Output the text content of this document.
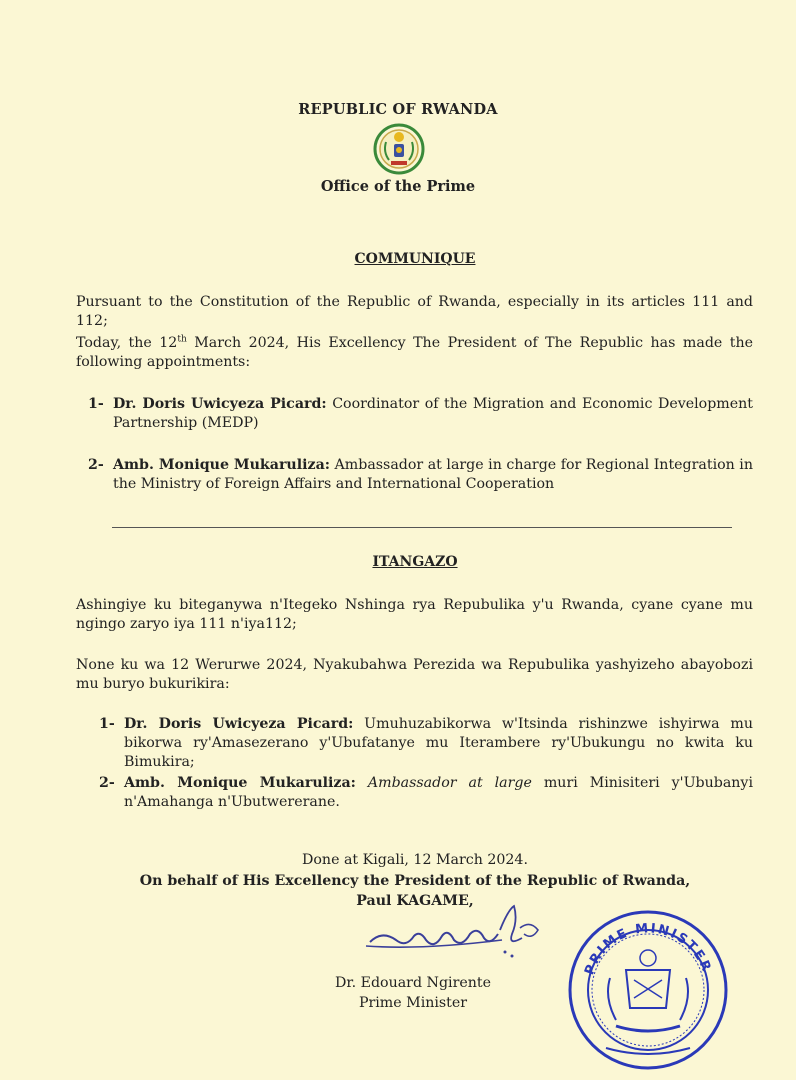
REPUBLIC OF RWANDA
Office of the Prime
COMMUNIQUE
Pursuant to the Constitution of the Republic of Rwanda, especially in its articles 111 and 112;
Today, the 12th March 2024, His Excellency The President of The Republic has made the following appointments:
1- Dr. Doris Uwicyeza Picard: Coordinator of the Migration and Economic Development Partnership (MEDP)
2- Amb. Monique Mukaruliza: Ambassador at large in charge for Regional Integration in the Ministry of Foreign Affairs and International Cooperation
ITANGAZO
Ashingiye ku biteganywa n'Itegeko Nshinga rya Repubulika y'u Rwanda, cyane cyane mu ngingo zaryo iya 111 n'iya112;
None ku wa 12 Werurwe 2024, Nyakubahwa Perezida wa Repubulika yashyizeho abayobozi mu buryo bukurikira:
1- Dr. Doris Uwicyeza Picard: Umuhuzabikorwa w'Itsinda rishinzwe ishyirwa mu bikorwa ry'Amasezerano y'Ubufatanye mu Iterambere ry'Ubukungu no kwita ku Bimukira;
2- Amb. Monique Mukaruliza: Ambassador at large muri Minisiteri y'Ububanyi n'Amahanga n'Ubutwererane.
Done at Kigali, 12 March 2024.
On behalf of His Excellency the President of the Republic of Rwanda,
Paul KAGAME,
Dr. Edouard Ngirente
Prime Minister
PRIME MINISTER
